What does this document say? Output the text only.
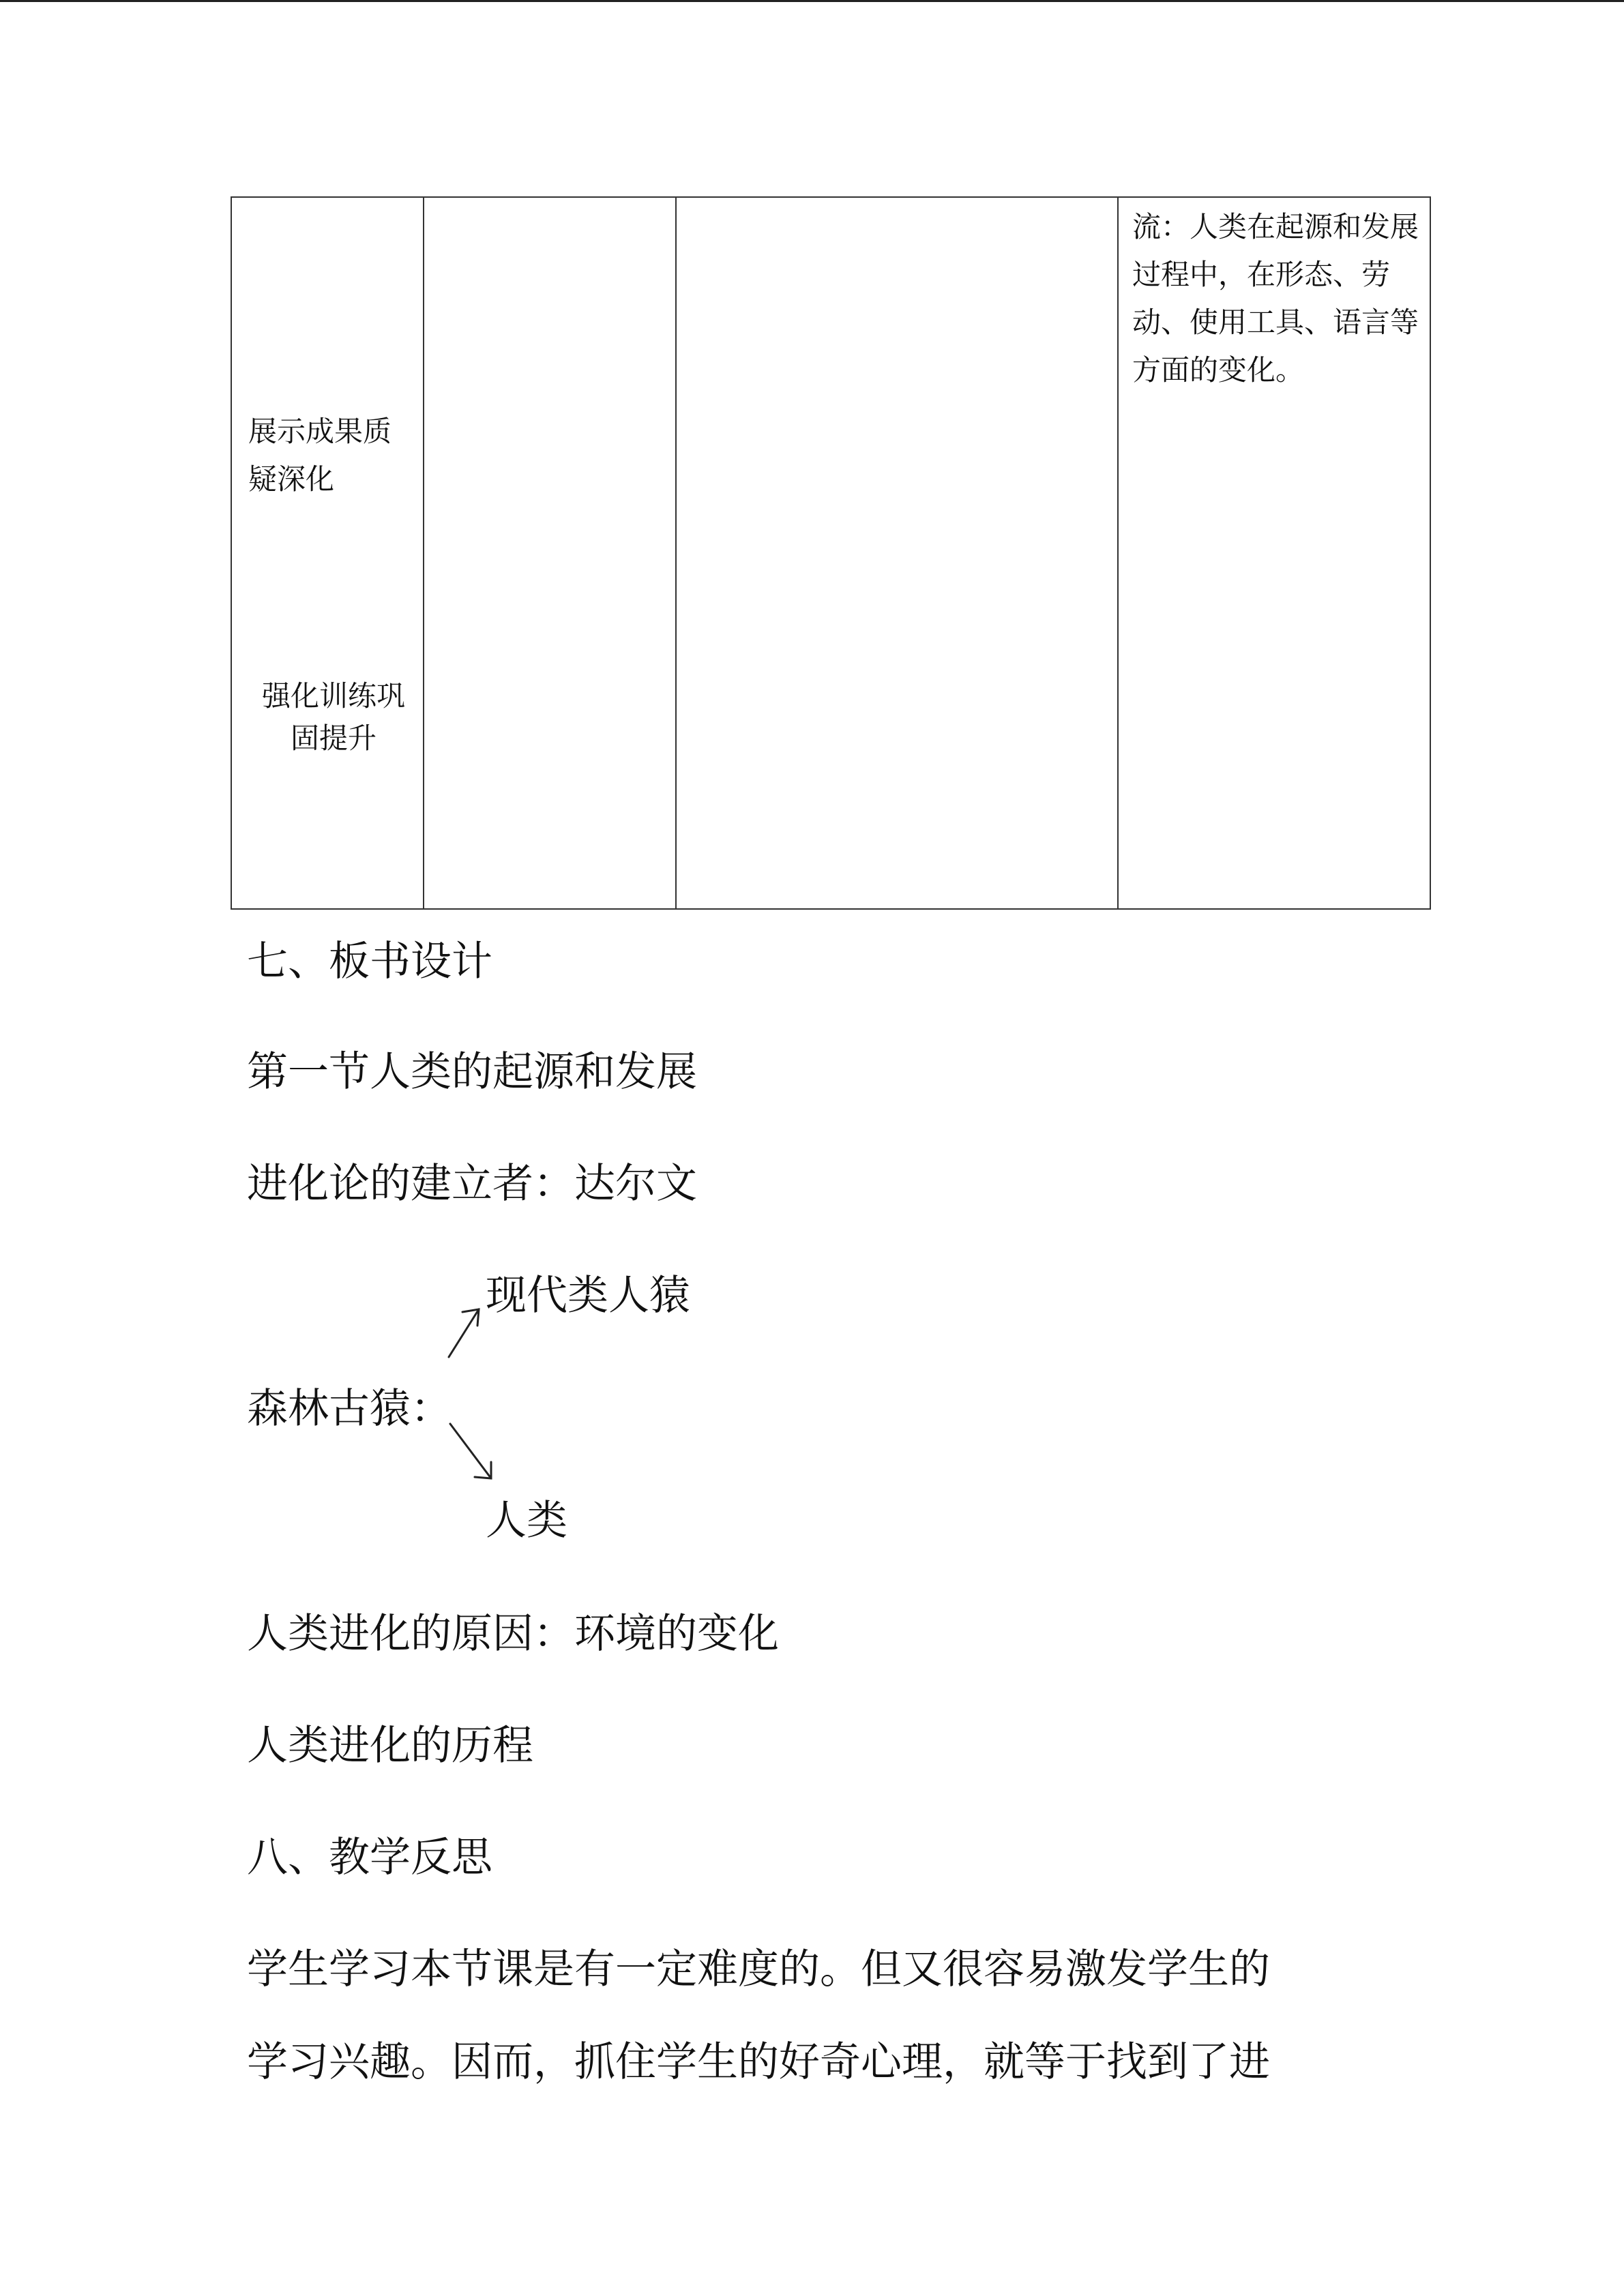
展示成果质疑深化
强化训练巩固提升
流：人类在起源和发展过程中，在形态、劳动、使用工具、语言等方面的变化。
七、板书设计
第一节人类的起源和发展
进化论的建立者：达尔文
现代类人猿
森林古猿：
人类
人类进化的原因：环境的变化
人类进化的历程
八、教学反思
学生学习本节课是有一定难度的。但又很容易激发学生的
学习兴趣。因而，抓住学生的好奇心理，就等于找到了进
